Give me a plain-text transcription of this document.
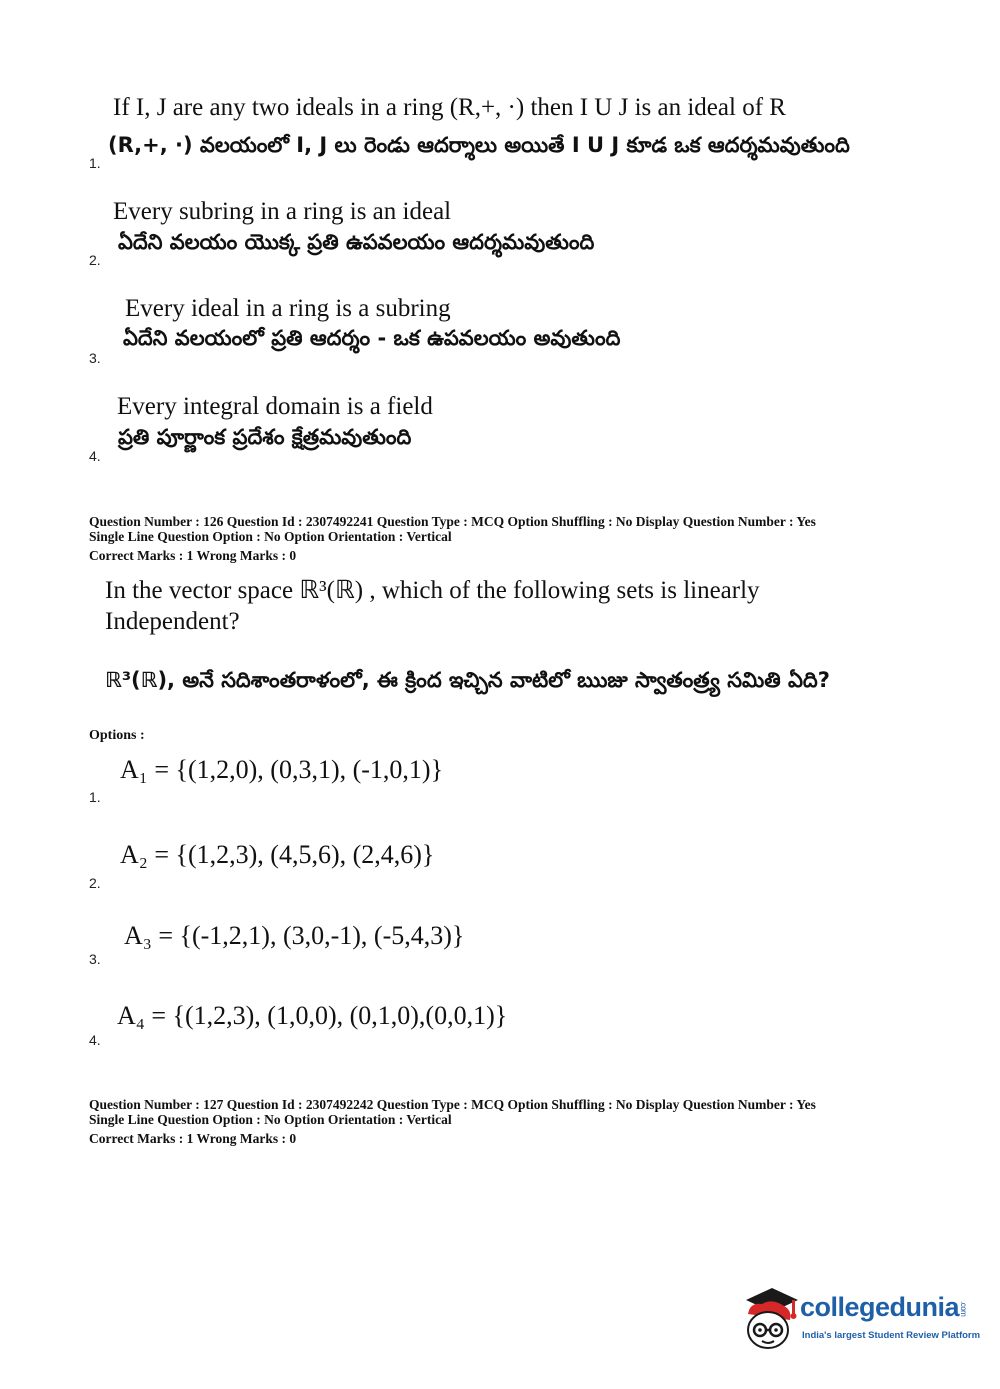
If I, J are any two ideals in a ring (R,+, ·) then I U J is an ideal of R
(R,+, ·) వలయంలో I, J లు రెండు ఆదర్శాలు అయితే I U J కూడ ఒక ఆదర్శమవుతుంది
1.
Every subring in a ring is an ideal
ఏదేని వలయం యొక్క ప్రతి ఉపవలయం ఆదర్శమవుతుంది
2.
Every ideal in a ring is a subring
ఏదేని వలయంలో ప్రతి ఆదర్శం - ఒక ఉపవలయం అవుతుంది
3.
Every integral domain is a field
ప్రతి పూర్ణాంక ప్రదేశం క్షేత్రమవుతుంది
4.
Question Number : 126 Question Id : 2307492241 Question Type : MCQ Option Shuffling : No Display Question Number : Yes
Single Line Question Option : No Option Orientation : Vertical
Correct Marks : 1 Wrong Marks : 0
In the vector space ℝ³(ℝ) , which of the following sets is linearly
Independent?
ℝ³(ℝ), అనే సదిశాంతరాళంలో, ఈ క్రింద ఇచ్చిన వాటిలో ఋజు స్వాతంత్ర్య సమితి ఏది?
Options :
A₁ = {(1,2,0), (0,3,1), (-1,0,1)}
1.
A₂ = {(1,2,3), (4,5,6), (2,4,6)}
2.
A₃ = {(-1,2,1), (3,0,-1), (-5,4,3)}
3.
A₄ = {(1,2,3), (1,0,0), (0,1,0),(0,0,1)}
4.
Question Number : 127 Question Id : 2307492242 Question Type : MCQ Option Shuffling : No Display Question Number : Yes
Single Line Question Option : No Option Orientation : Vertical
Correct Marks : 1 Wrong Marks : 0
collegedunia.com
India's largest Student Review Platform
